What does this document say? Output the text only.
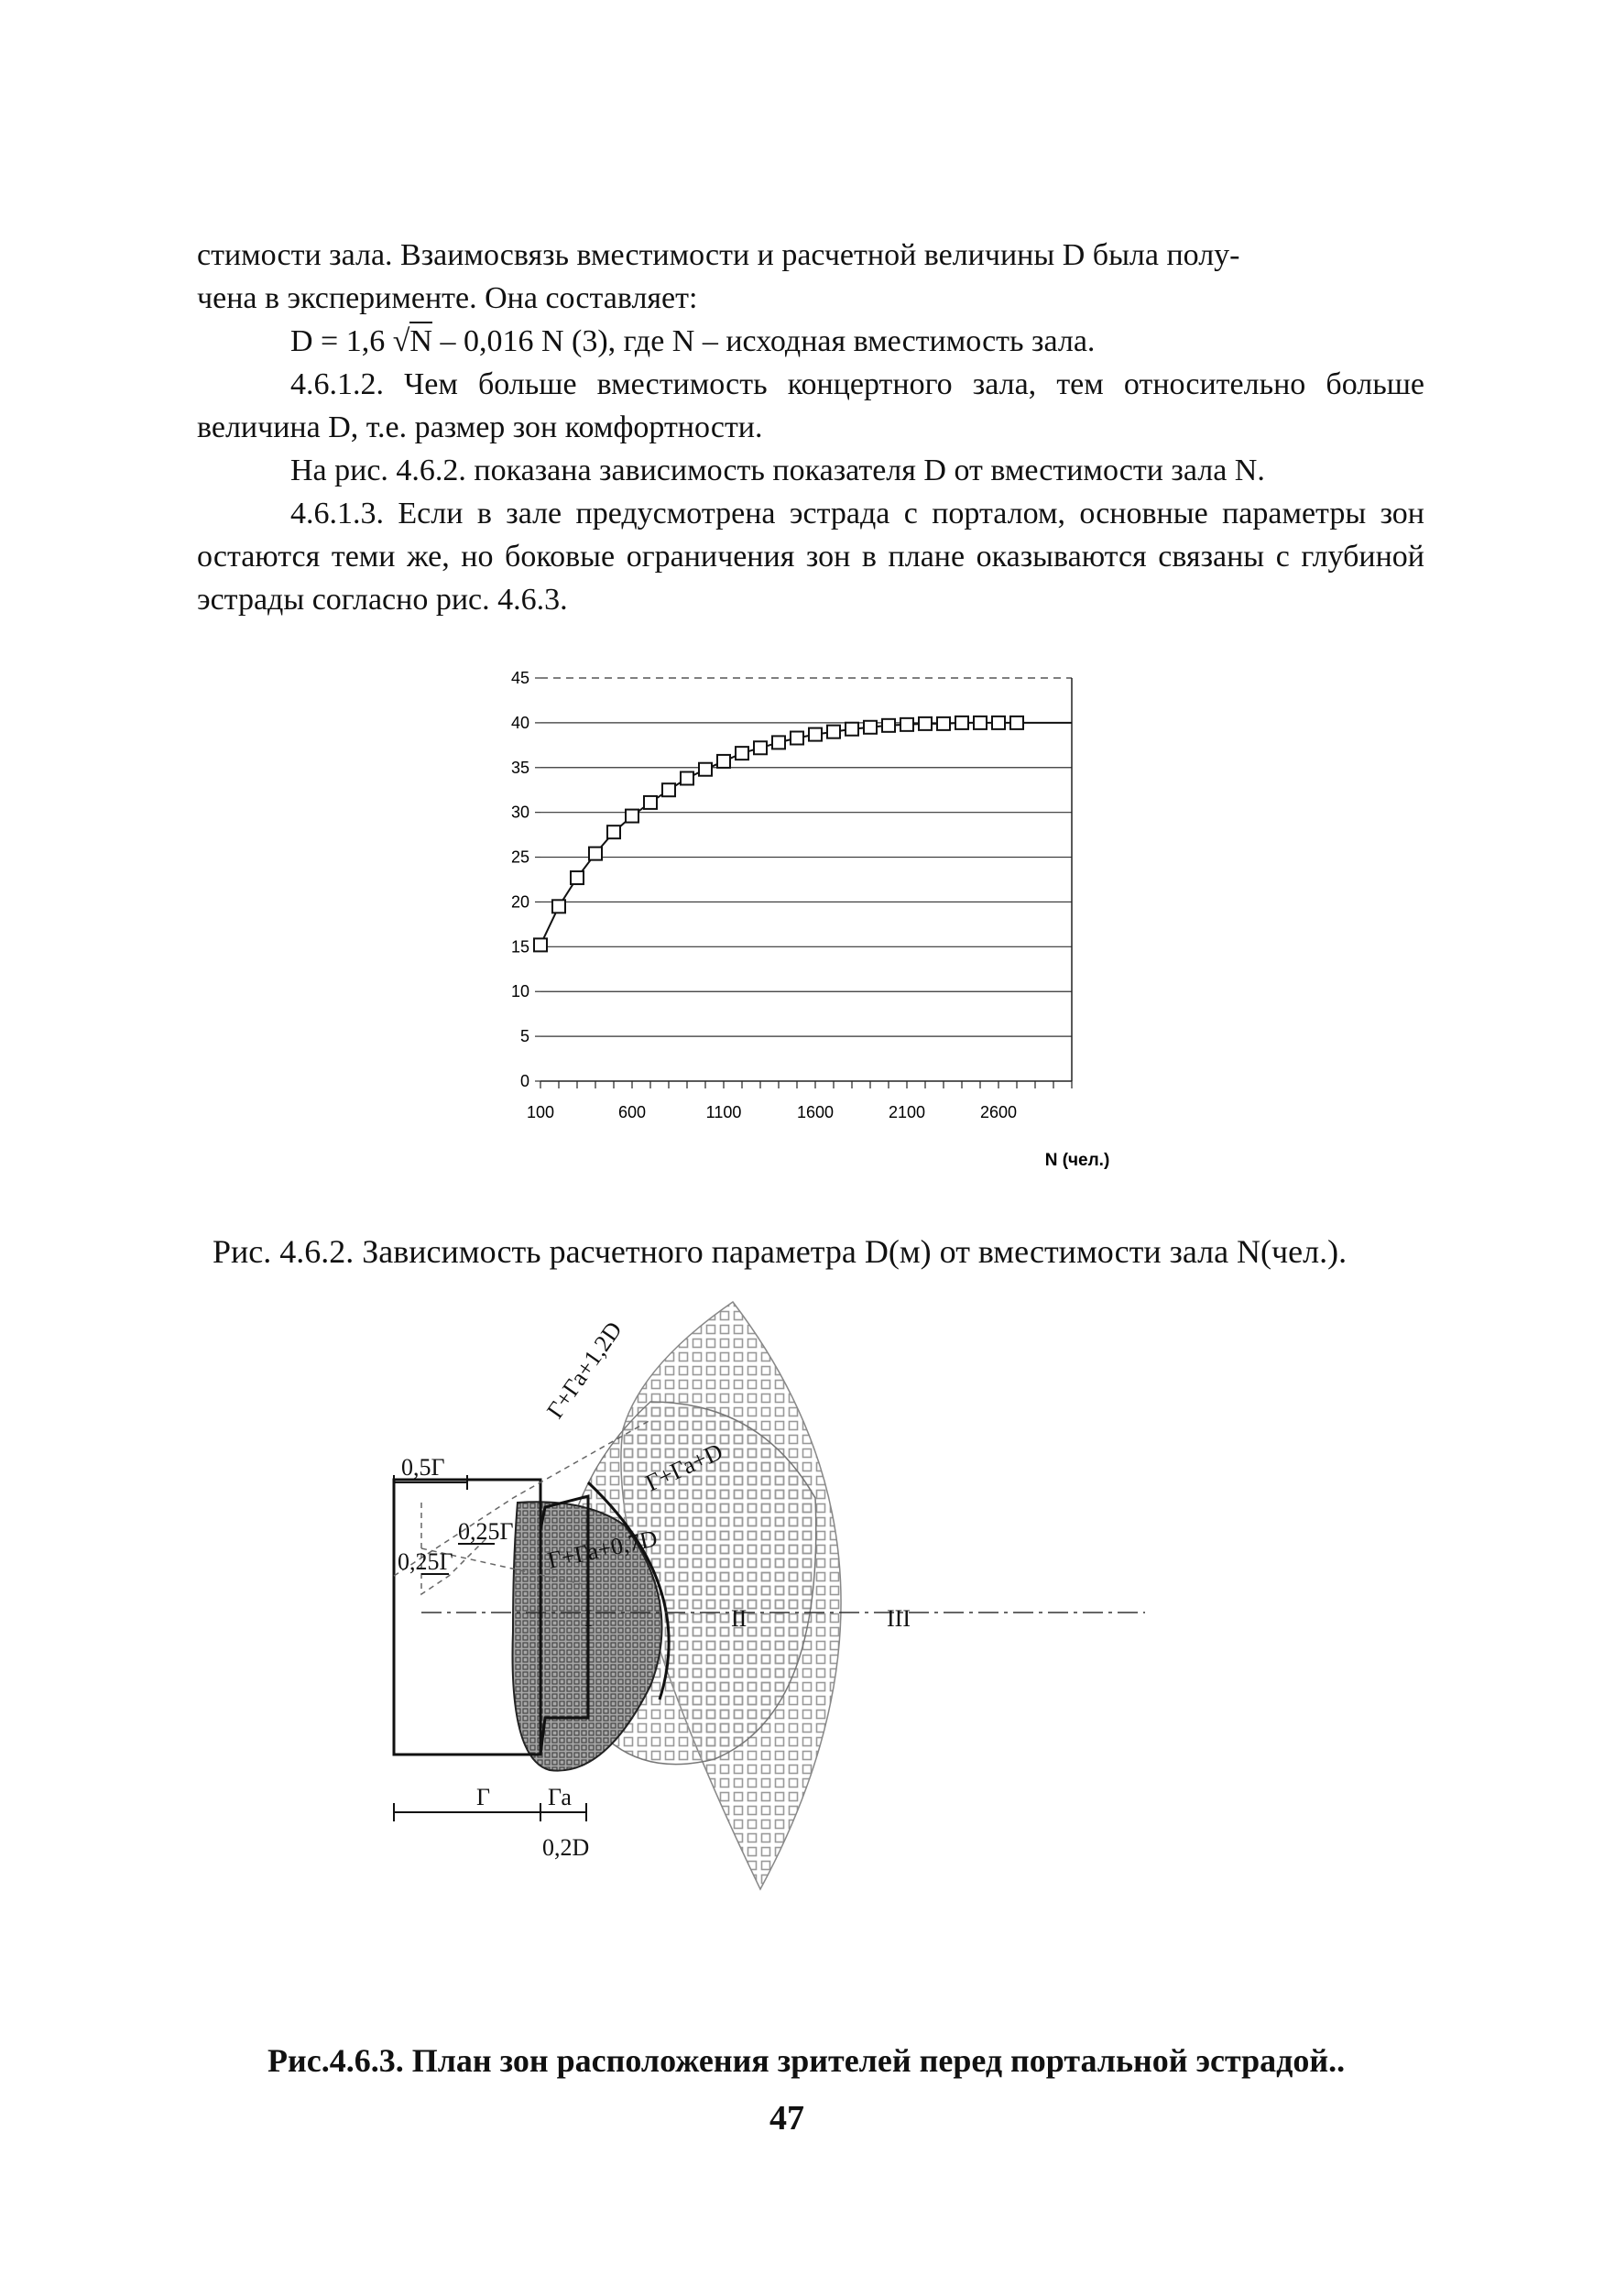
стимости зала. Взаимосвязь вместимости и расчетной величины D была полу-

чена в эксперименте. Она составляет:

D = 1,6 √N – 0,016 N (3), где N – исходная вместимость зала.

4.6.1.2. Чем больше вместимость концертного зала, тем относительно больше величина D, т.е. размер зон комфортности.

На рис. 4.6.2. показана зависимость показателя D от вместимости зала N.

4.6.1.3. Если в зале предусмотрена эстрада с порталом, основные параметры зон остаются теми же, но боковые ограничения зон в плане оказываются связаны с глубиной эстрады согласно рис. 4.6.3.

0
5
10
15
20
25
30
35
40
45
100	600	1100	1600	2100	2600
N (чел.)
Рис. 4.6.2. Зависимость расчетного параметра D(м) от вместимости зала N(чел.).
0,5Г
0,25Г
0,25Г
Г Га
0,2D
I	II	III
Г+Га+0,7D
Г+Га+D
Г+Га+1,2D
Рис.4.6.3. План зон расположения зрителей перед портальной эстрадой..
47
